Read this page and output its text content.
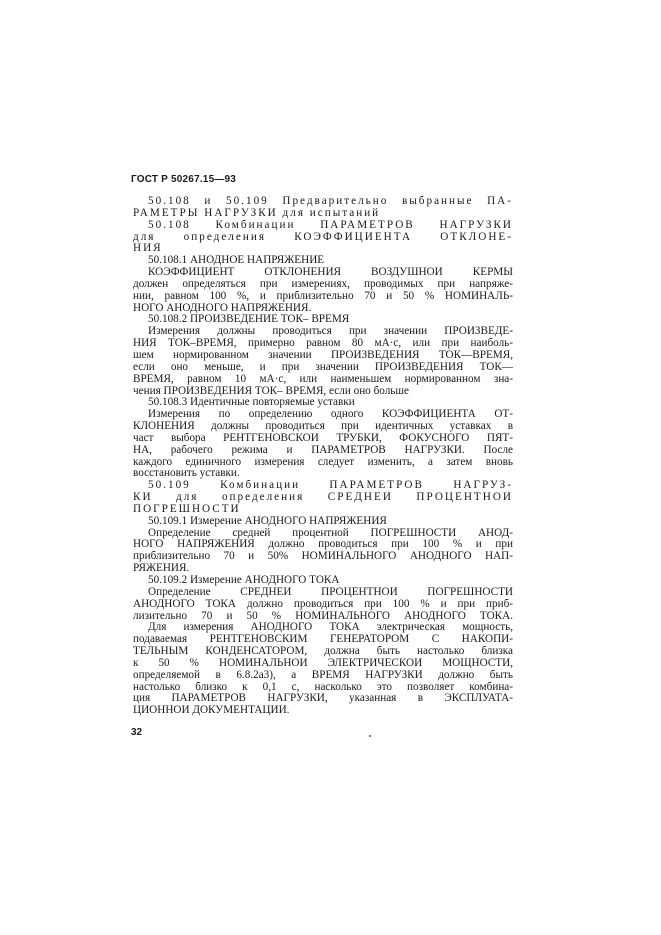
ГОСТ Р 50267.15—93
50.108 и 50.109 Предварительно выбранные ПА-
РАМЕТРЫ НАГРУЗКИ для испытаний
50.108 Комбинации ПАРАМЕТРОВ НАГРУЗКИ
для определения КОЭФФИЦИЕНТА ОТКЛОНЕ-
НИЯ
50.108.1 АНОДНОЕ НАПРЯЖЕНИЕ
КОЭФФИЦИЕНТ ОТКЛОНЕНИЯ ВОЗДУШНОЙ КЕРМЫ
должен определяться при измерениях, проводимых при напряже-
нии, равном 100 %, и приблизительно 70 и 50 % НОМИНАЛЬ-
НОГО АНОДНОГО НАПРЯЖЕНИЯ.
50.108.2 ПРОИЗВЕДЕНИЕ ТОК– ВРЕМЯ
Измерения должны проводиться при значении ПРОИЗВЕДЕ-
НИЯ ТОК–ВРЕМЯ, примерно равном 80 мА·с, или при наиболь-
шем нормированном значении ПРОИЗВЕДЕНИЯ ТОК—ВРЕМЯ,
если оно меньше, и при значении ПРОИЗВЕДЕНИЯ ТОК—
ВРЕМЯ, равном 10 мА·с, или наименьшем нормированном зна-
чения ПРОИЗВЕДЕНИЯ ТОК– ВРЕМЯ, если оно больше
50.108.3 Идентичные повторяемые уставки
Измерения по определению одного КОЭФФИЦИЕНТА ОТ-
КЛОНЕНИЯ должны проводиться при идентичных уставках в
част выбора РЕНТГЕНОВСКОЙ ТРУБКИ, ФОКУСНОГО ПЯТ-
НА, рабочего режима и ПАРАМЕТРОВ НАГРУЗКИ. После
каждого единичного измерения следует изменить, а затем вновь
восстановить уставки.
50.109 Комбинации ПАРАМЕТРОВ НАГРУЗ-
КИ для определения СРЕДНЕЙ ПРОЦЕНТНОЙ
ПОГРЕШНОСТИ
50.109.1 Измерение АНОДНОГО НАПРЯЖЕНИЯ
Определение средней процентной ПОГРЕШНОСТИ АНОД-
НОГО НАПРЯЖЕНИЯ должно проводиться при 100 % и при
приблизительно 70 и 50% НОМИНАЛЬНОГО АНОДНОГО НАП-
РЯЖЕНИЯ.
50.109.2 Измерение АНОДНОГО ТОКА
Определение СРЕДНЕЙ ПРОЦЕНТНОЙ ПОГРЕШНОСТИ
АНОДНОГО ТОКА должно проводиться при 100 % и при приб-
лизительно 70 и 50 % НОМИНАЛЬНОГО АНОДНОГО ТОКА.
Для измерения АНОДНОГО ТОКА электрическая мощность,
подаваемая РЕНТГЕНОВСКИМ ГЕНЕРАТОРОМ С НАКОПИ-
ТЕЛЬНЫМ КОНДЕНСАТОРОМ, должна быть настолько близка
к 50 % НОМИНАЛЬНОЙ ЭЛЕКТРИЧЕСКОЙ МОЩНОСТИ,
определяемой в 6.8.2а3), а ВРЕМЯ НАГРУЗКИ должно быть
настолько близко к 0,1 с, насколько это позволяет комбина-
ция ПАРАМЕТРОВ НАГРУЗКИ, указанная в ЭКСПЛУАТА-
ЦИОННОЙ ДОКУМЕНТАЦИИ.
32
